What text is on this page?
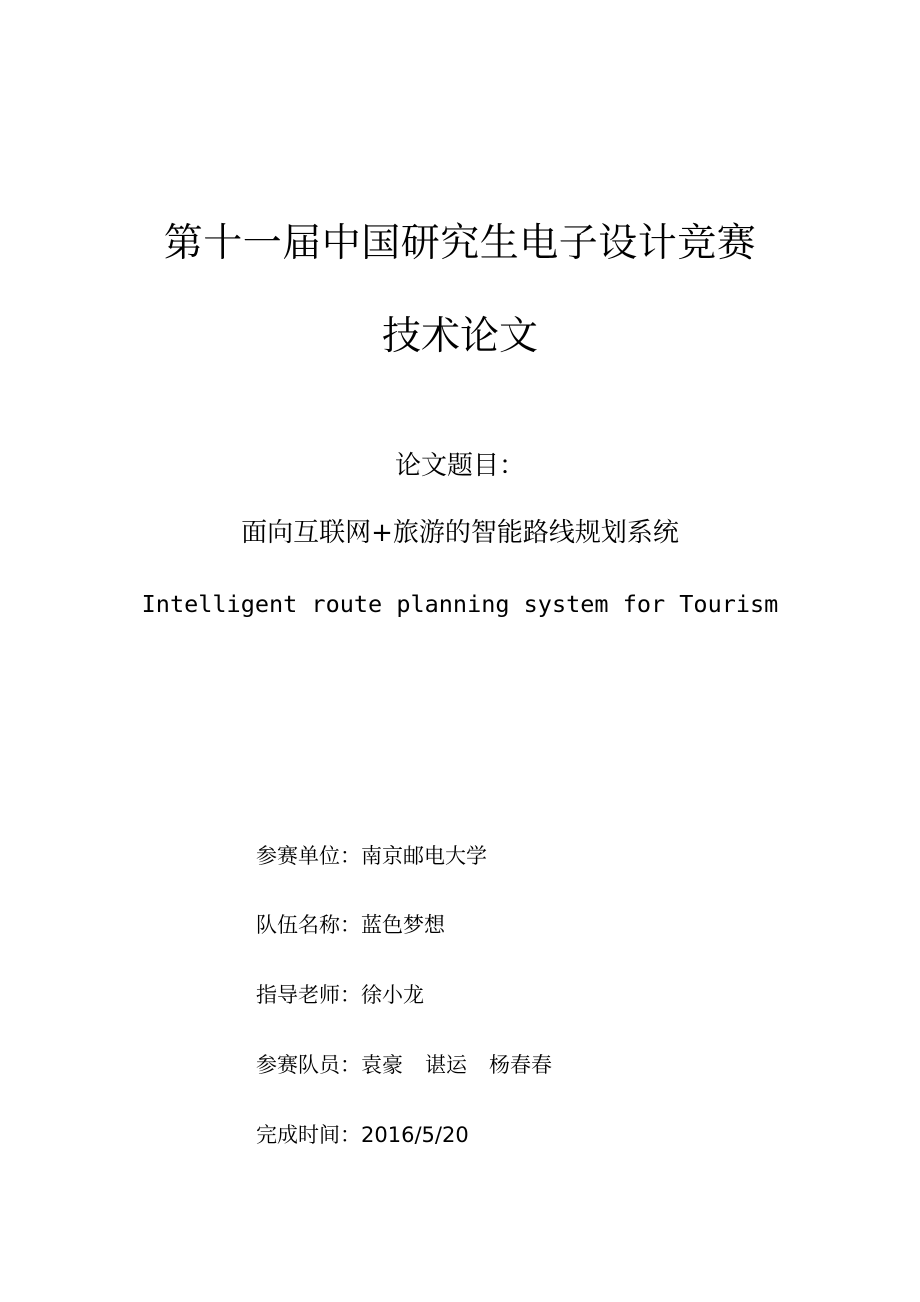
第十一届中国研究生电子设计竞赛
技术论文
论文题目：
面向互联网+旅游的智能路线规划系统
Intelligent route planning system for Tourism
参赛单位：南京邮电大学
队伍名称：蓝色梦想
指导老师：徐小龙
参赛队员：袁豪 谌运 杨春春
完成时间：2016/5/20
